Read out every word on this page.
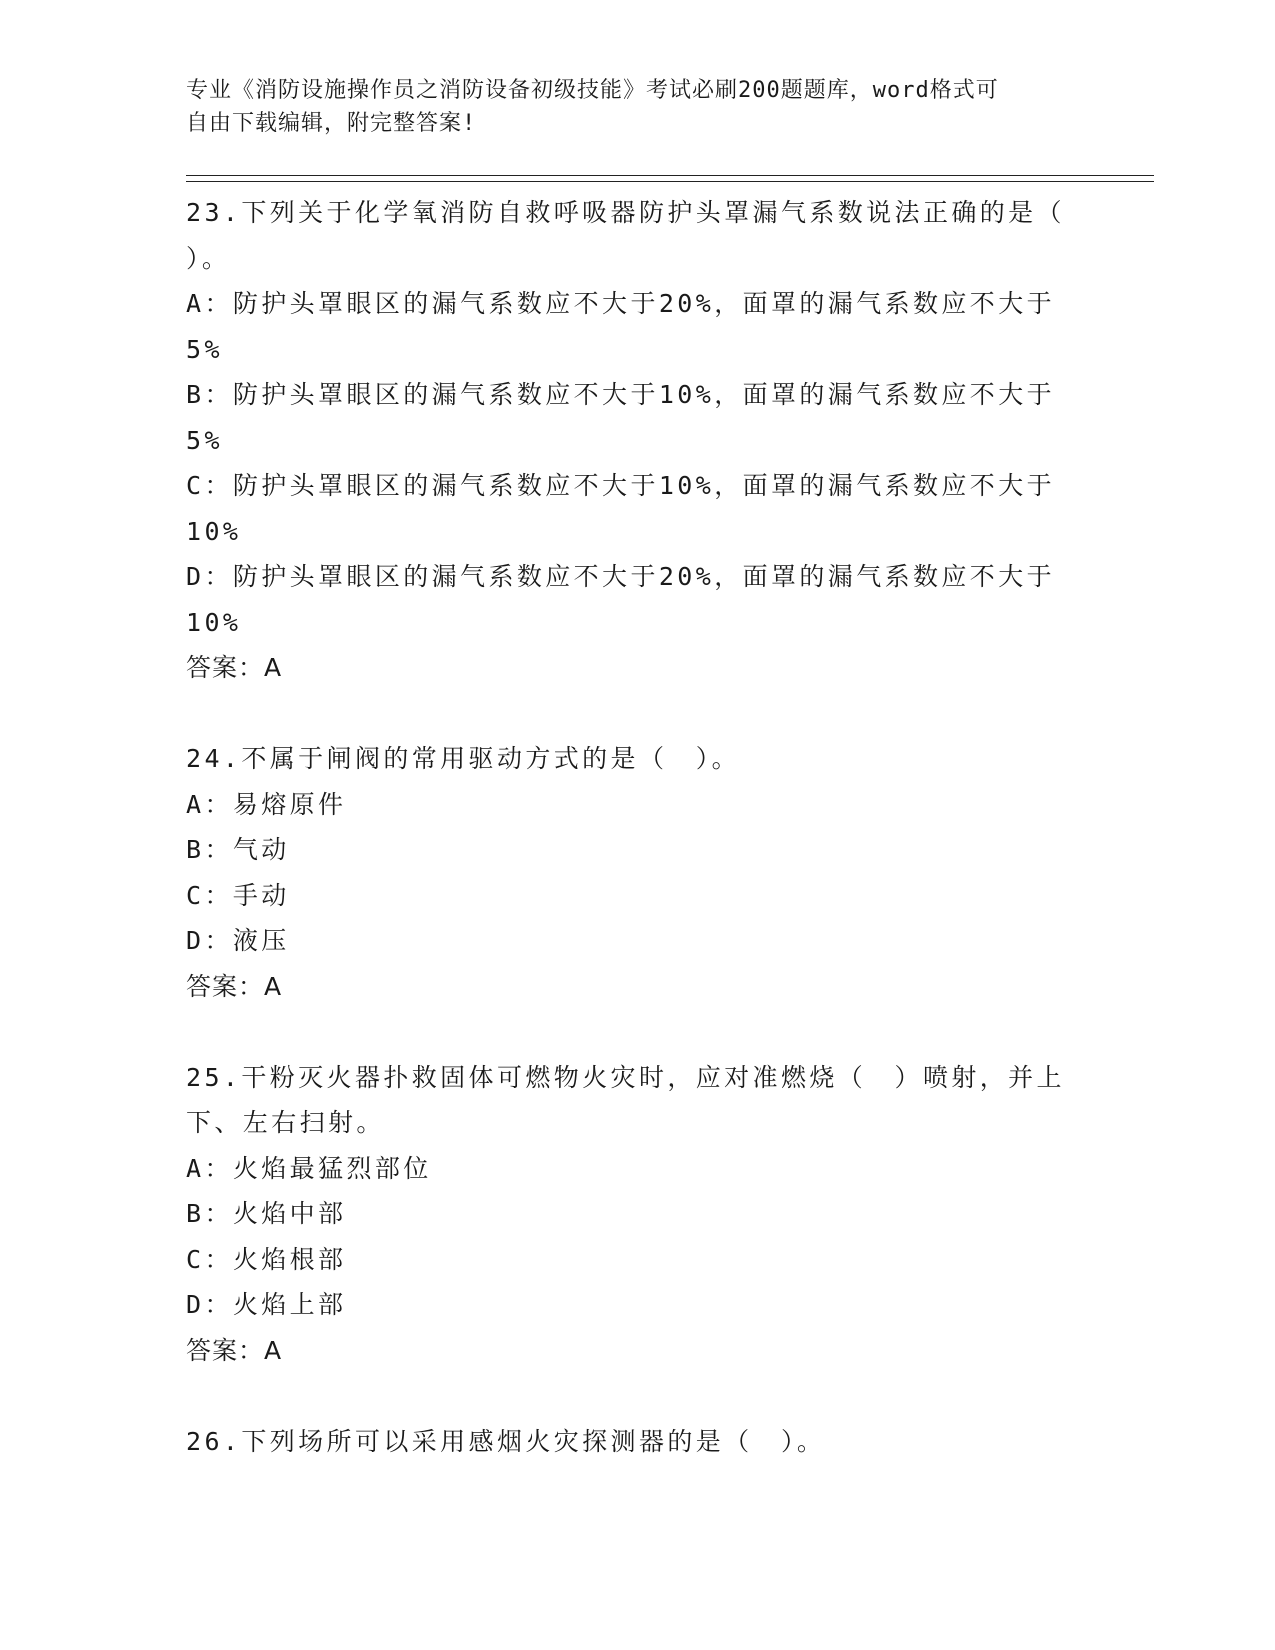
专业《消防设施操作员之消防设备初级技能》考试必刷200题题库，word格式可
自由下载编辑，附完整答案!
23.下列关于化学氧消防自救呼吸器防护头罩漏气系数说法正确的是（
）。
A：防护头罩眼区的漏气系数应不大于20%，面罩的漏气系数应不大于
5%
B：防护头罩眼区的漏气系数应不大于10%，面罩的漏气系数应不大于
5%
C：防护头罩眼区的漏气系数应不大于10%，面罩的漏气系数应不大于
10%
D：防护头罩眼区的漏气系数应不大于20%，面罩的漏气系数应不大于
10%
答案：A
24.不属于闸阀的常用驱动方式的是（　）。
A：易熔原件
B：气动
C：手动
D：液压
答案：A
25.干粉灭火器扑救固体可燃物火灾时，应对准燃烧（　）喷射，并上
下、左右扫射。
A：火焰最猛烈部位
B：火焰中部
C：火焰根部
D：火焰上部
答案：A
26.下列场所可以采用感烟火灾探测器的是（　）。
